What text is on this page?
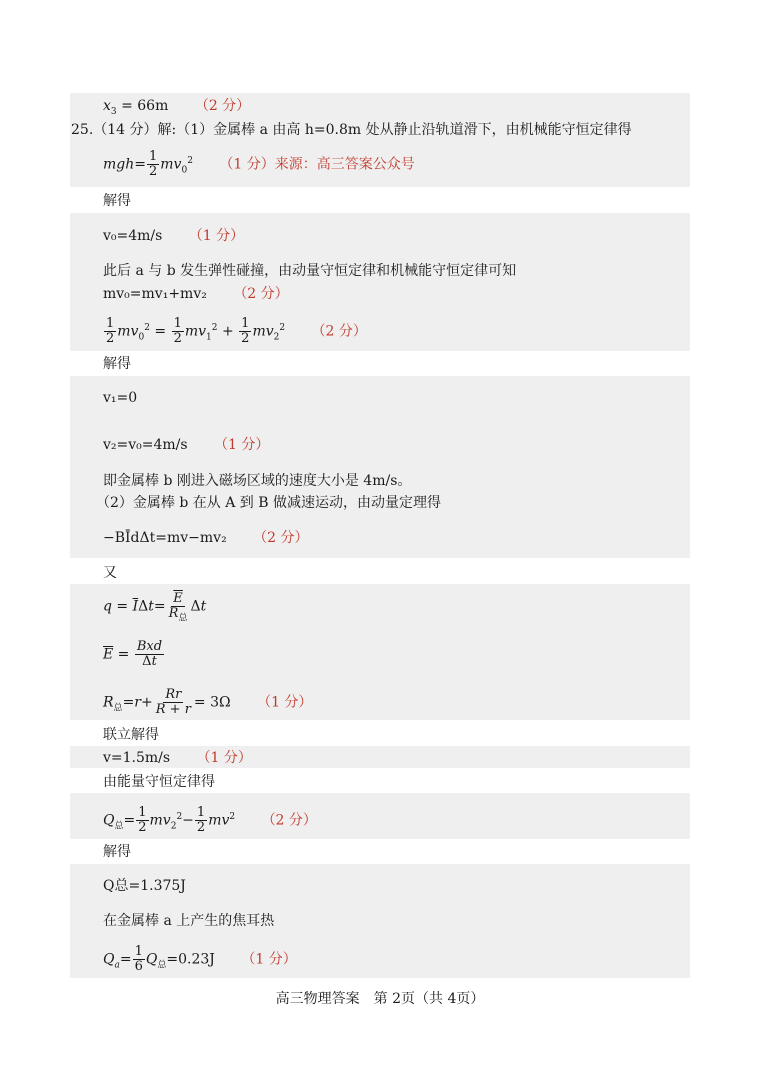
$x_3 = 66m$ （2 分）
25.（14 分）解:（1）金属棒 a 由高 h=0.8m 处从静止沿轨道滑下，由机械能守恒定律得
$mgh= \frac{1}{2} mv_0^2$ （1 分）来源：高三答案公众号
解得
v₀=4m/s （1 分）
此后 a 与 b 发生弹性碰撞，由动量守恒定律和机械能守恒定律可知
mv₀=mv₁+mv₂ （2 分）
$\frac{1}{2} mv_0^2 = \frac{1}{2} mv_1^2 + \frac{1}{2} mv_2^2$ （2 分）
解得
v₁=0
v₂=v₀=4m/s （1 分）
即金属棒 b 刚进入磁场区域的速度大小是 4m/s。
（2）金属棒 b 在从 A 到 B 做减速运动，由动量定理得
−BĪdΔt=mv−mv₂ （2 分）
又
$q = \overline{I}\Delta t= \overline{E}$
$R_总$
Δt
$\overline{E}$ = Bxd
Δt
$R_总=r+ \frac{Rr}{R + r} = 3\Omega$ （1 分）
联立解得
v=1.5m/s （1 分）
由能量守恒定律得
$Q_总= \frac{1}{2} mv_2^2- \frac{1}{2} mv^2$ （2 分）
解得
Q总=1.375J
在金属棒 a 上产生的焦耳热
$Q_a= \frac{1}{6} Q_总=0.23J$ （1 分）
高三物理答案　第 2页（共 4页）
